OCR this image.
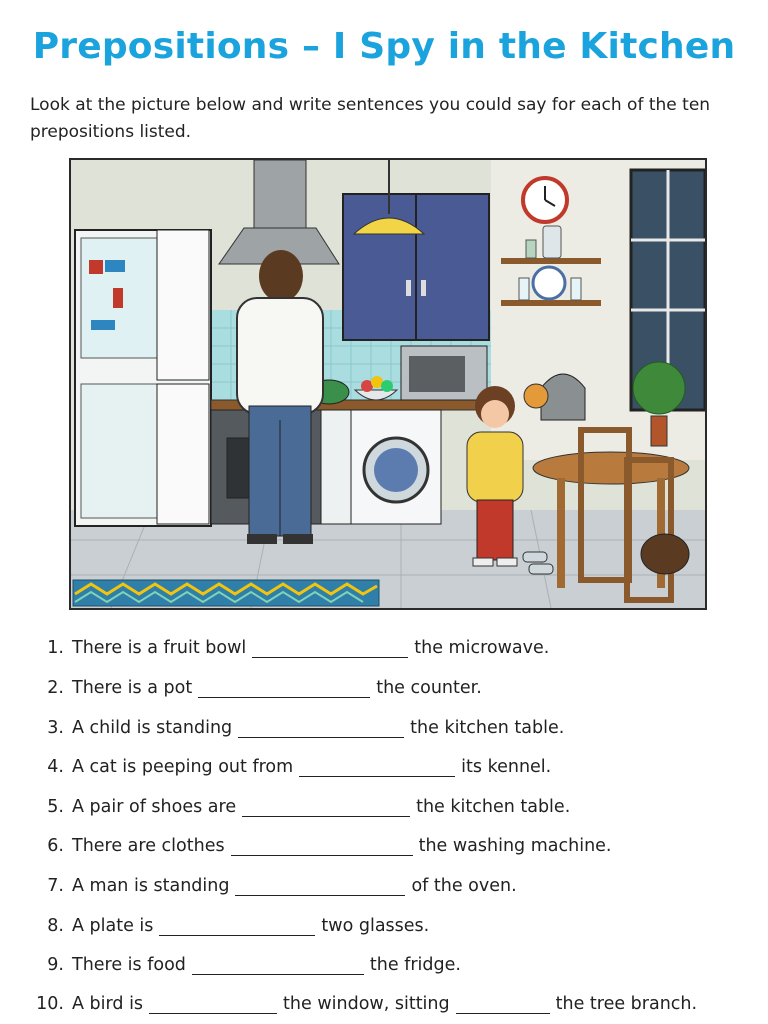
Prepositions – I Spy in the Kitchen
Look at the picture below and write sentences you could say for each of the ten prepositions listed.
1. There is a fruit bowl	the microwave.
2. There is a pot	the counter.
3. A child is standing	the kitchen table.
4. A cat is peeping out from	its kennel.
5. A pair of shoes are	the kitchen table.
6. There are clothes	the washing machine.
7. A man is standing	of the oven.
8. A plate is	two glasses.
9. There is food	the fridge.
10. A bird is	the window, sitting	the tree branch.
